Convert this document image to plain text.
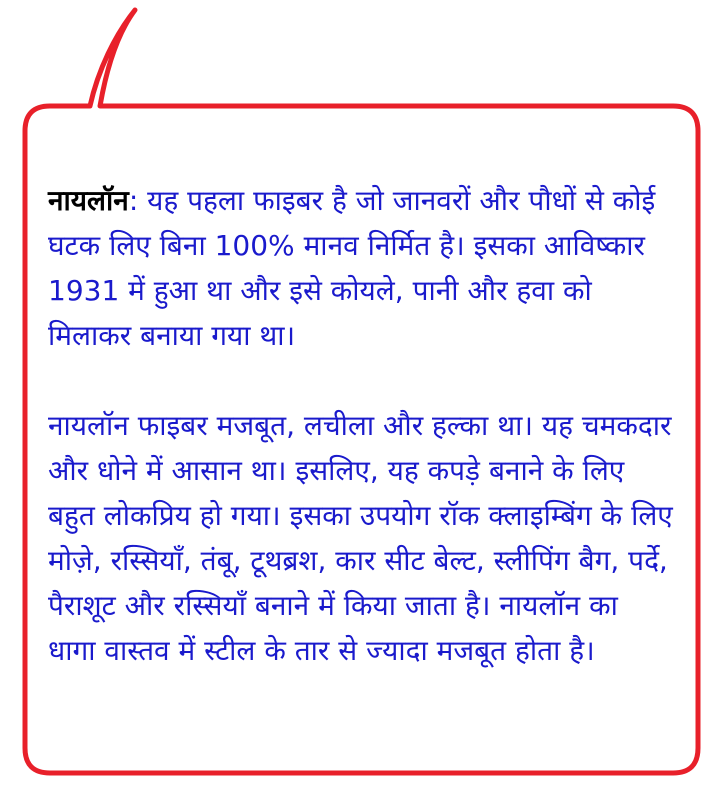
नायलॉन: यह पहला फाइबर है जो जानवरों और पौधों से कोई घटक लिए बिना 100% मानव निर्मित है। इसका आविष्कार 1931 में हुआ था और इसे कोयले, पानी और हवा को मिलाकर बनाया गया था।

नायलॉन फाइबर मजबूत, लचीला और हल्का था। यह चमकदार और धोने में आसान था। इसलिए, यह कपड़े बनाने के लिए बहुत लोकप्रिय हो गया। इसका उपयोग रॉक क्लाइम्बिंग के लिए मोज़े, रस्सियाँ, तंबू, टूथब्रश, कार सीट बेल्ट, स्लीपिंग बैग, पर्दे, पैराशूट और रस्सियाँ बनाने में किया जाता है। नायलॉन का धागा वास्तव में स्टील के तार से ज्यादा मजबूत होता है।
